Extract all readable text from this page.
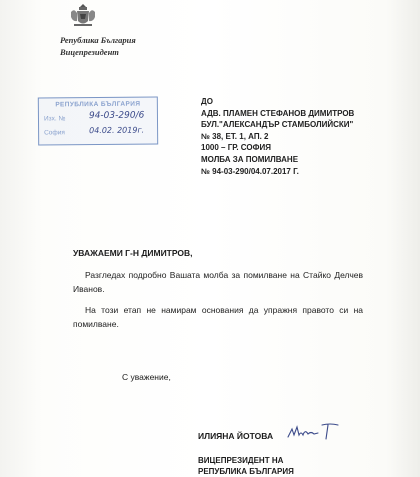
Република България
Вицепрезидент
РЕПУБЛИКА БЪЛГАРИЯ
Изх. №
София
94-03-290/6
04.02. 2019г.
ДО
АДВ. ПЛАМЕН СТЕФАНОВ ДИМИТРОВ
БУЛ."АЛЕКСАНДЪР СТАМБОЛИЙСКИ"
№ 38, ЕТ. 1, АП. 2
1000 – ГР. СОФИЯ
МОЛБА ЗА ПОМИЛВАНЕ
№ 94-03-290/04.07.2017 Г.
УВАЖАЕМИ Г-Н ДИМИТРОВ,
Разгледах подробно Вашата молба за помилване на Стайко Делчев Иванов.
На този етап не намирам основания да упражня правото си на помилване.
С уважение,
ИЛИЯНА ЙОТОВА
ВИЦЕПРЕЗИДЕНТ НА
РЕПУБЛИКА БЪЛГАРИЯ
